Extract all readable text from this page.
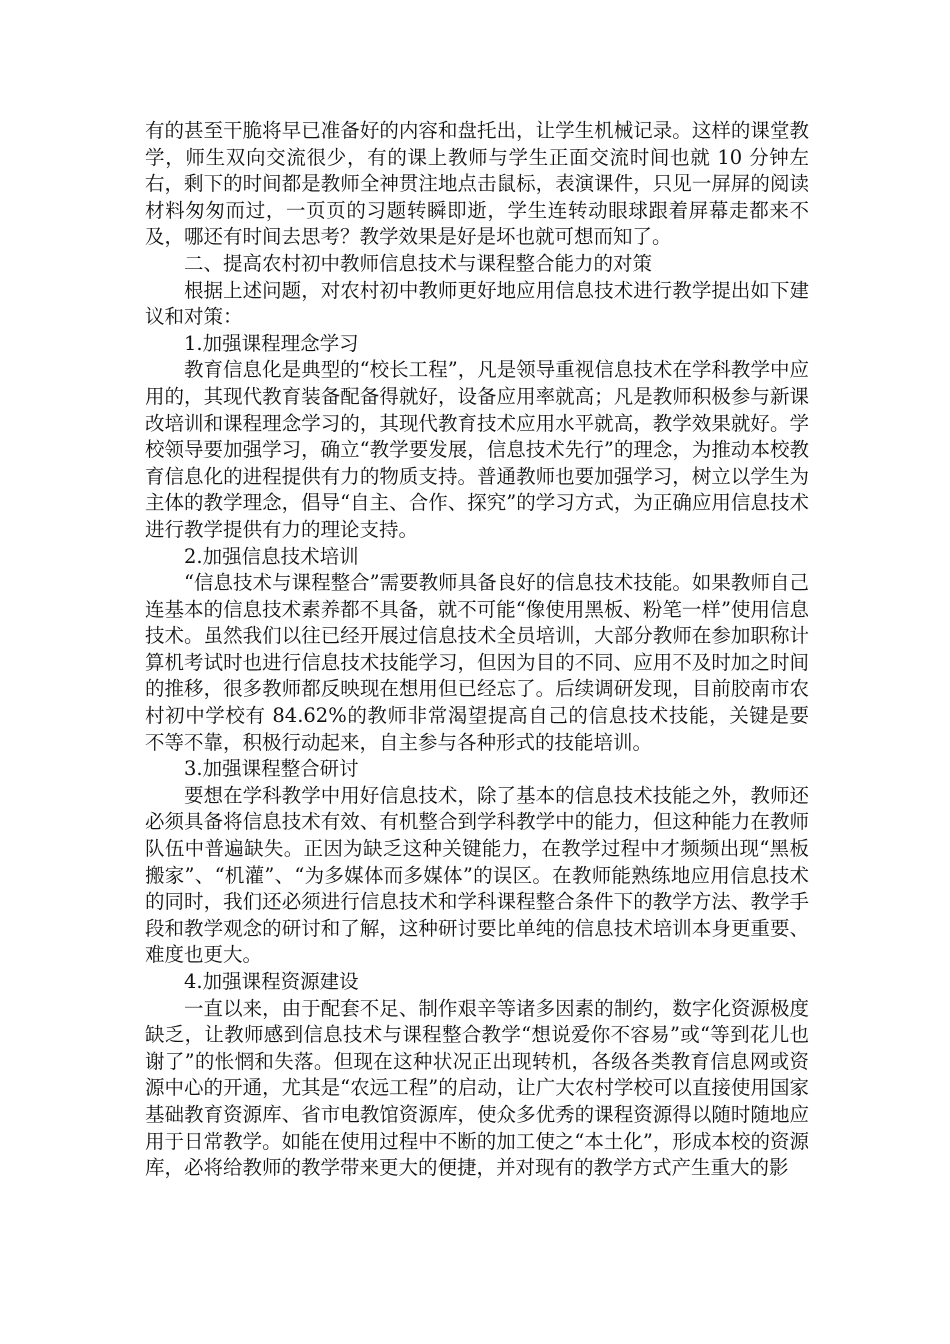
有的甚至干脆将早已准备好的内容和盘托出，让学生机械记录。这样的课堂教学，师生双向交流很少，有的课上教师与学生正面交流时间也就 10 分钟左右，剩下的时间都是教师全神贯注地点击鼠标，表演课件，只见一屏屏的阅读材料匆匆而过，一页页的习题转瞬即逝，学生连转动眼球跟着屏幕走都来不及，哪还有时间去思考？教学效果是好是坏也就可想而知了。

二、提高农村初中教师信息技术与课程整合能力的对策

根据上述问题，对农村初中教师更好地应用信息技术进行教学提出如下建议和对策：

1.加强课程理念学习

教育信息化是典型的“校长工程”，凡是领导重视信息技术在学科教学中应用的，其现代教育装备配备得就好，设备应用率就高；凡是教师积极参与新课改培训和课程理念学习的，其现代教育技术应用水平就高，教学效果就好。学校领导要加强学习，确立“教学要发展，信息技术先行”的理念，为推动本校教育信息化的进程提供有力的物质支持。普通教师也要加强学习，树立以学生为主体的教学理念，倡导“自主、合作、探究”的学习方式，为正确应用信息技术进行教学提供有力的理论支持。

2.加强信息技术培训

“信息技术与课程整合”需要教师具备良好的信息技术技能。如果教师自己连基本的信息技术素养都不具备，就不可能“像使用黑板、粉笔一样”使用信息技术。虽然我们以往已经开展过信息技术全员培训，大部分教师在参加职称计算机考试时也进行信息技术技能学习，但因为目的不同、应用不及时加之时间的推移，很多教师都反映现在想用但已经忘了。后续调研发现，目前胶南市农村初中学校有 84.62%的教师非常渴望提高自己的信息技术技能，关键是要不等不靠，积极行动起来，自主参与各种形式的技能培训。

3.加强课程整合研讨

要想在学科教学中用好信息技术，除了基本的信息技术技能之外，教师还必须具备将信息技术有效、有机整合到学科教学中的能力，但这种能力在教师队伍中普遍缺失。正因为缺乏这种关键能力，在教学过程中才频频出现“黑板搬家”、“机灌”、“为多媒体而多媒体”的误区。在教师能熟练地应用信息技术的同时，我们还必须进行信息技术和学科课程整合条件下的教学方法、教学手段和教学观念的研讨和了解，这种研讨要比单纯的信息技术培训本身更重要、难度也更大。

4.加强课程资源建设

一直以来，由于配套不足、制作艰辛等诸多因素的制约，数字化资源极度缺乏，让教师感到信息技术与课程整合教学“想说爱你不容易”或“等到花儿也谢了”的怅惘和失落。但现在这种状况正出现转机，各级各类教育信息网或资源中心的开通，尤其是“农远工程”的启动，让广大农村学校可以直接使用国家基础教育资源库、省市电教馆资源库，使众多优秀的课程资源得以随时随地应用于日常教学。如能在使用过程中不断的加工使之“本土化”，形成本校的资源库，必将给教师的教学带来更大的便捷，并对现有的教学方式产生重大的影
